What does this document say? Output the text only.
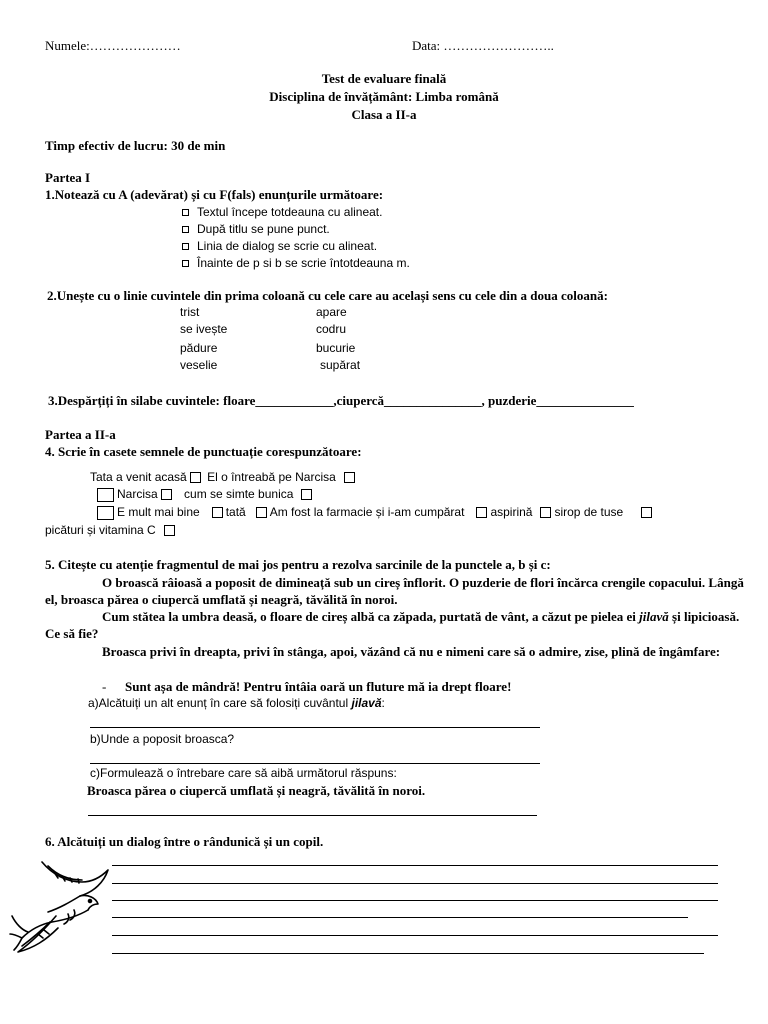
Numele:…………………	Data: ……………………..
Test de evaluare finală
Disciplina de învățământ: Limba română
Clasa a II-a
Timp efectiv de lucru: 30 de min
Partea I
1.Notează cu A (adevărat) și cu F(fals) enunțurile următoare:
Textul începe totdeauna cu alineat.
După titlu se pune punct.
Linia de dialog se scrie cu alineat.
Înainte de p si b se scrie întotdeauna m.
2.Unește cu o linie cuvintele din prima coloană cu cele care au același sens cu cele din a doua coloană:
trist
se ivește
pădure
veselie
apare
codru
bucurie
supărat
3.Despărțiți în silabe cuvintele: floare____________,ciupercă_______________, puzderie_______________
Partea a II-a
4. Scrie în casete semnele de punctuație corespunzătoare:
Tata a venit acasă El o întreabă pe Narcisa
Narcisa cum se simte bunica
E mult mai bine tată Am fost la farmacie și i-am cumpărat aspirină sirop de tuse
picături și vitamina C
5. Citește cu atenție fragmentul de mai jos pentru a rezolva sarcinile de la punctele a, b și c:
O broască râioasă a poposit de dimineață sub un cireș înflorit. O puzderie de flori încărca crengile copacului. Lângă el, broasca părea o ciupercă umflată și neagră, tăvălită în noroi.
Cum stătea la umbra deasă, o floare de cireș albă ca zăpada, purtată de vânt, a căzut pe pielea ei jilavă și lipicioasă. Ce să fie?
Broasca privi în dreapta, privi în stânga, apoi, văzând că nu e nimeni care să o admire, zise, plină de îngâmfare:
- Sunt așa de mândră! Pentru întâia oară un fluture mă ia drept floare!
a)Alcătuiți un alt enunț în care să folosiți cuvântul jilavă:
b)Unde a poposit broasca?
c)Formulează o întrebare care să aibă următorul răspuns:
Broasca părea o ciupercă umflată și neagră, tăvălită în noroi.
6. Alcătuiți un dialog între o rândunică și un copil.
